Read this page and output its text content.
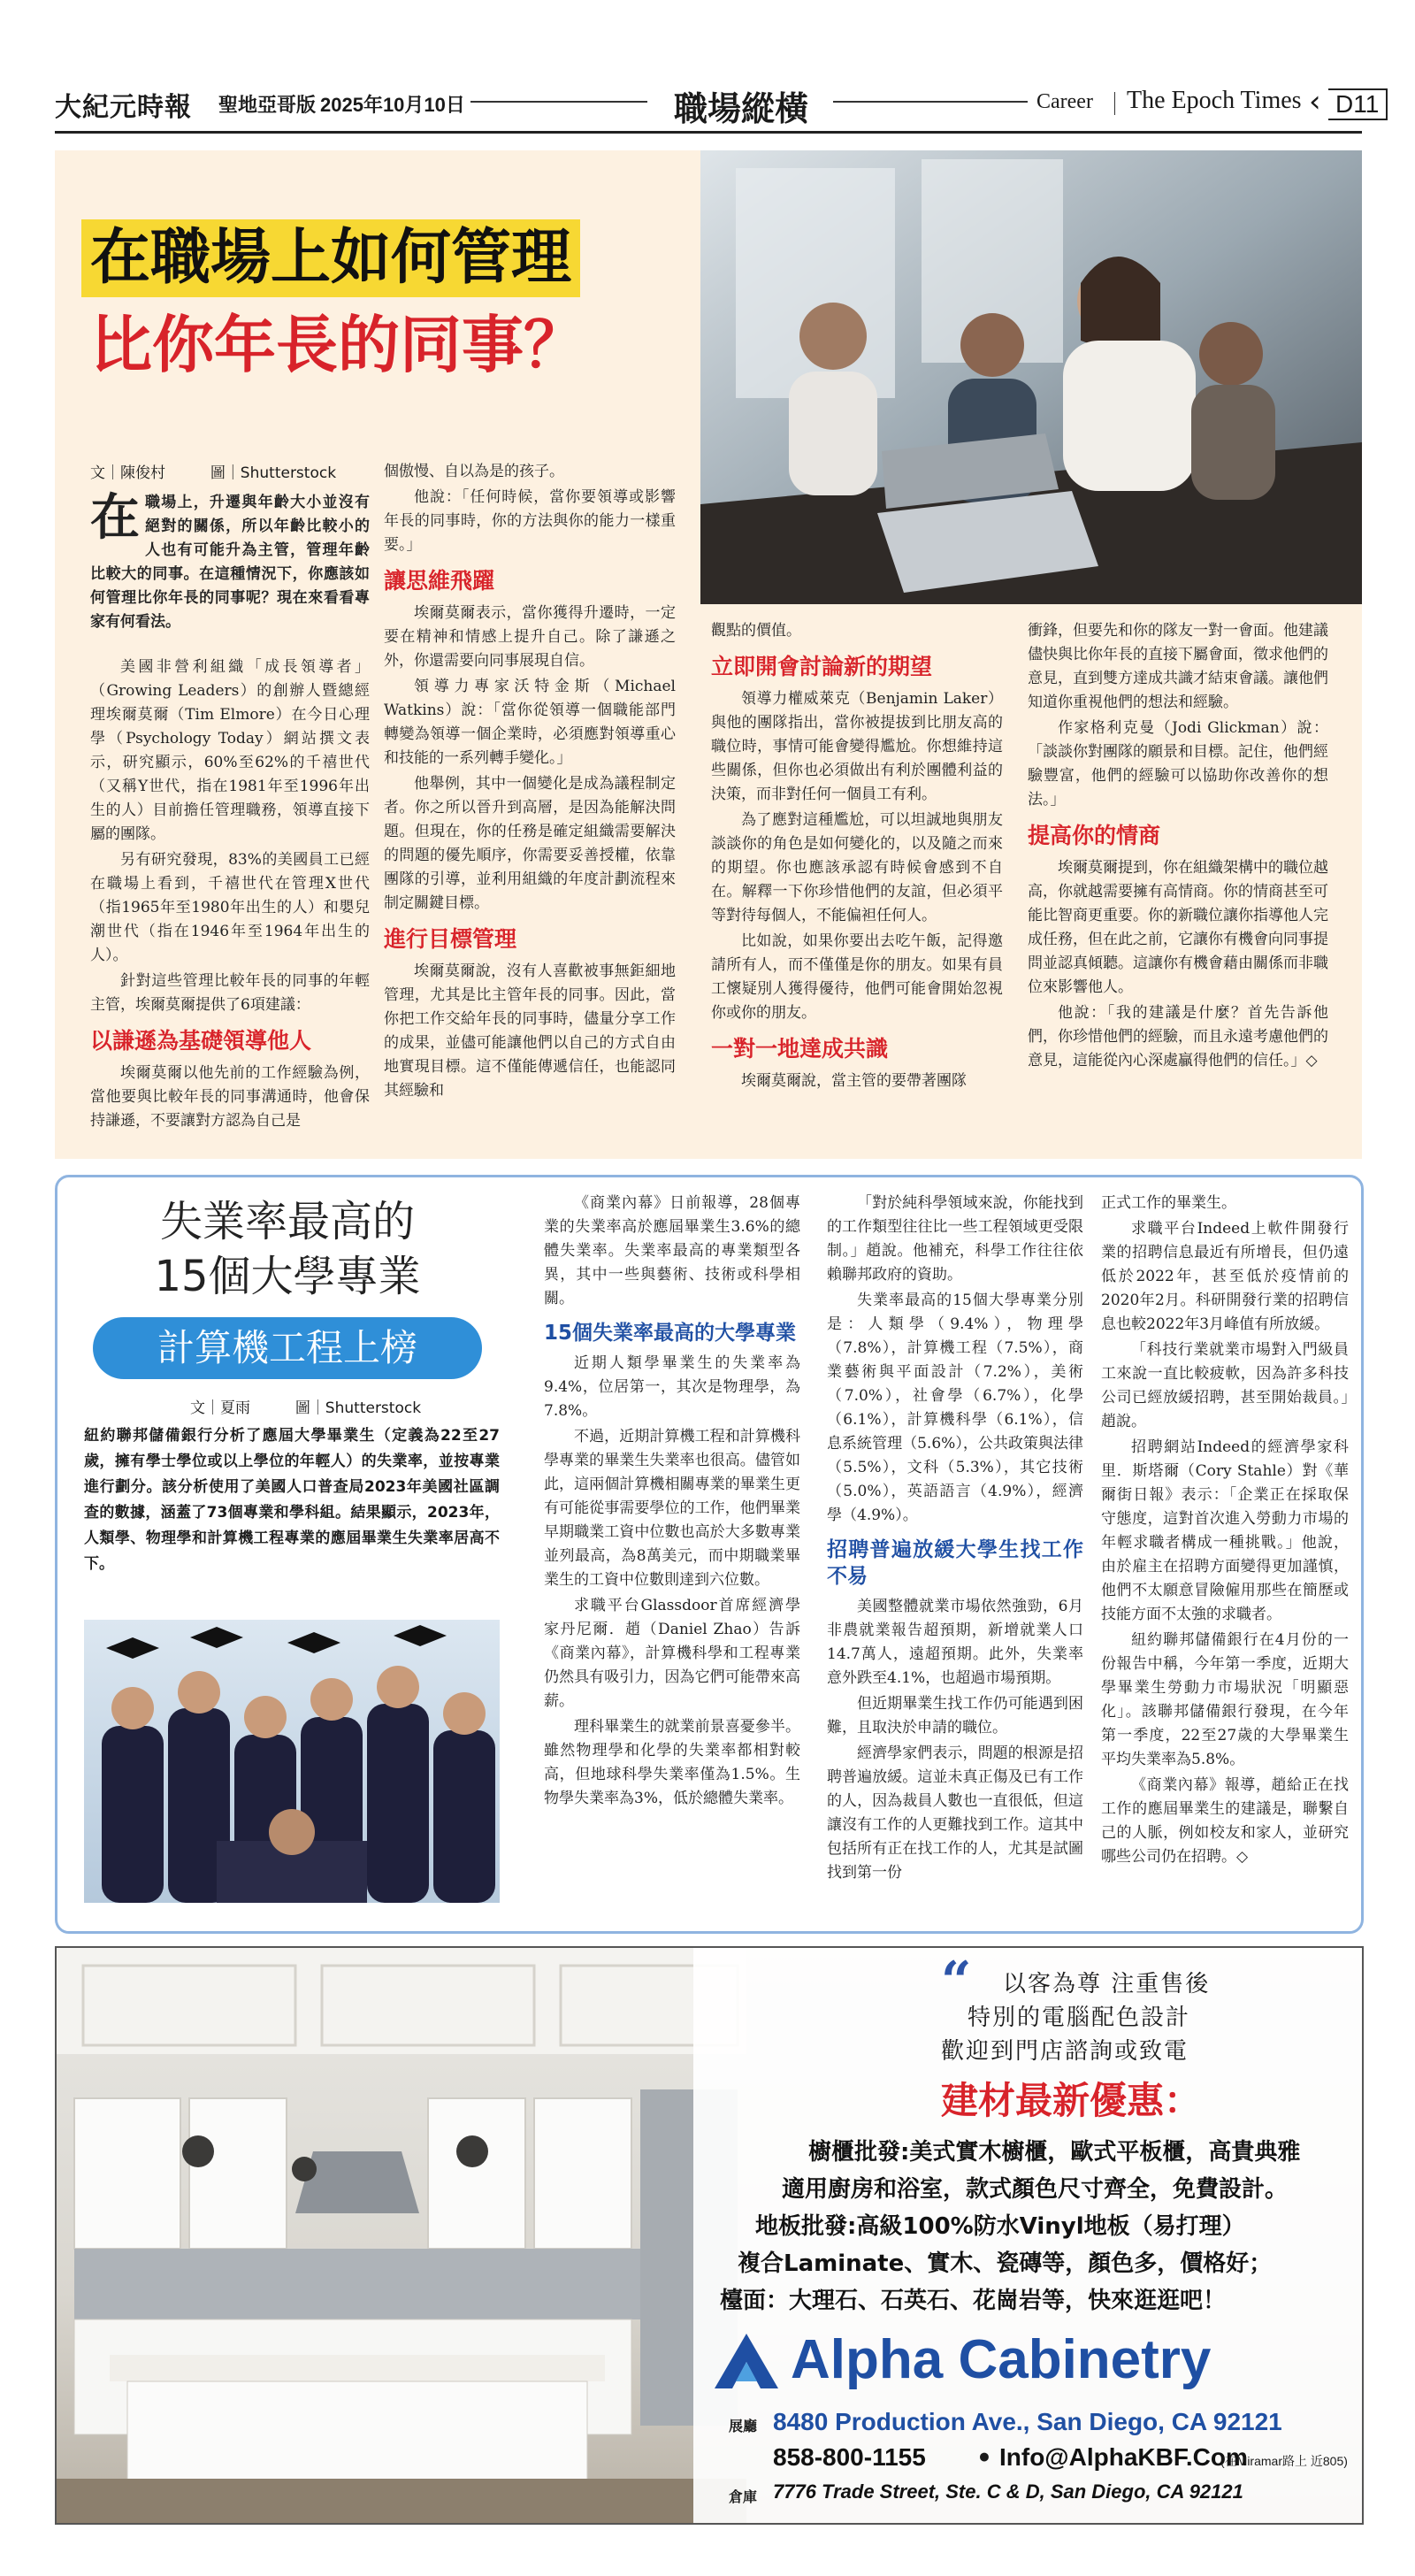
大紀元時報 聖地亞哥版 2025年10月10日	職場縱橫	Career The Epoch Times ‹ D11
在職場上如何管理
比你年長的同事？
文｜陳俊村	圖｜Shutterstock
在 職場上，升遷與年齡大小並沒有絕對的關係，所以年齡比較小的人也有可能升為主管，管理年齡比較大的同事。在這種情況下，你應該如何管理比你年長的同事呢？現在來看看專家有何看法。

美國非營利組織「成長領導者」（Growing Leaders）的創辦人暨總經理埃爾莫爾（Tim Elmore）在今日心理學（Psychology Today）網站撰文表示，研究顯示，60%至62%的千禧世代（又稱Y世代，指在1981年至1996年出生的人）目前擔任管理職務，領導直接下屬的團隊。

另有研究發現，83%的美國員工已經在職場上看到，千禧世代在管理X世代（指1965年至1980年出生的人）和嬰兒潮世代（指在1946年至1964年出生的人）。

針對這些管理比較年長的同事的年輕主管，埃爾莫爾提供了6項建議：

以謙遜為基礎領導他人

埃爾莫爾以他先前的工作經驗為例，當他要與比較年長的同事溝通時，他會保持謙遜，不要讓對方認為自己是

個傲慢、自以為是的孩子。

他說：「任何時候，當你要領導或影響年長的同事時，你的方法與你的能力一樣重要。」

讓思維飛躍

埃爾莫爾表示，當你獲得升遷時，一定要在精神和情感上提升自己。除了謙遜之外，你還需要向同事展現自信。

領導力專家沃特金斯（Michael Watkins）說：「當你從領導一個職能部門轉變為領導一個企業時，必須應對領導重心和技能的一系列轉手變化。」

他舉例，其中一個變化是成為議程制定者。你之所以晉升到高層，是因為能解決問題。但現在，你的任務是確定組織需要解決的問題的優先順序，你需要妥善授權，依靠團隊的引導，並利用組織的年度計劃流程來制定關鍵目標。

進行目標管理

埃爾莫爾說，沒有人喜歡被事無鉅細地管理，尤其是比主管年長的同事。因此，當你把工作交給年長的同事時，儘量分享工作的成果，並儘可能讓他們以自己的方式自由地實現目標。這不僅能傳遞信任，也能認同其經驗和

觀點的價值。

立即開會討論新的期望

領導力權威萊克（Benjamin Laker）與他的團隊指出，當你被提拔到比朋友高的職位時，事情可能會變得尷尬。你想維持這些關係，但你也必須做出有利於團體利益的決策，而非對任何一個員工有利。

為了應對這種尷尬，可以坦誠地與朋友談談你的角色是如何變化的，以及隨之而來的期望。你也應該承認有時候會感到不自在。解釋一下你珍惜他們的友誼，但必須平等對待每個人，不能偏袒任何人。

比如說，如果你要出去吃午飯，記得邀請所有人，而不僅僅是你的朋友。如果有員工懷疑別人獲得優待，他們可能會開始忽視你或你的朋友。

一對一地達成共識

埃爾莫爾說，當主管的要帶著團隊

衝鋒，但要先和你的隊友一對一會面。他建議儘快與比你年長的直接下屬會面，徵求他們的意見，直到雙方達成共識才結束會議。讓他們知道你重視他們的想法和經驗。

作家格利克曼（Jodi Glickman）說：「談談你對團隊的願景和目標。記住，他們經驗豐富，他們的經驗可以協助你改善你的想法。」

提高你的情商

埃爾莫爾提到，你在組織架構中的職位越高，你就越需要擁有高情商。你的情商甚至可能比智商更重要。你的新職位讓你指導他人完成任務，但在此之前，它讓你有機會向同事提問並認真傾聽。這讓你有機會藉由關係而非職位來影響他人。

他說：「我的建議是什麼？首先告訴他們，你珍惜他們的經驗，而且永遠考慮他們的意見，這能從內心深處贏得他們的信任。」◇

失業率最高的
15個大學專業
計算機工程上榜
文｜夏雨	圖｜Shutterstock
紐約聯邦儲備銀行分析了應屆大學畢業生（定義為22至27歲，擁有學士學位或以上學位的年輕人）的失業率，並按專業進行劃分。該分析使用了美國人口普查局2023年美國社區調查的數據，涵蓋了73個專業和學科組。結果顯示，2023年，人類學、物理學和計算機工程專業的應屆畢業生失業率居高不下。

《商業內幕》日前報導，28個專業的失業率高於應屆畢業生3.6%的總體失業率。失業率最高的專業類型各異，其中一些與藝術、技術或科學相關。

15個失業率最高的大學專業

近期人類學畢業生的失業率為9.4%，位居第一，其次是物理學，為7.8%。

不過，近期計算機工程和計算機科學專業的畢業生失業率也很高。儘管如此，這兩個計算機相關專業的畢業生更有可能從事需要學位的工作，他們畢業早期職業工資中位數也高於大多數專業並列最高，為8萬美元，而中期職業畢業生的工資中位數則達到六位數。

求職平台Glassdoor首席經濟學家丹尼爾．趙（Daniel Zhao）告訴《商業內幕》，計算機科學和工程專業仍然具有吸引力，因為它們可能帶來高薪。

理科畢業生的就業前景喜憂參半。雖然物理學和化學的失業率都相對較高，但地球科學失業率僅為1.5%。生物學失業率為3%，低於總體失業率。

「對於純科學領域來說，你能找到的工作類型往往比一些工程領域更受限制。」趙說。他補充，科學工作往往依賴聯邦政府的資助。

失業率最高的15個大學專業分別是：人類學（9.4%），物理學（7.8%），計算機工程（7.5%），商業藝術與平面設計（7.2%），美術（7.0%），社會學（6.7%），化學（6.1%），計算機科學（6.1%），信息系統管理（5.6%），公共政策與法律（5.5%），文科（5.3%），其它技術（5.0%），英語語言（4.9%），經濟學（4.9%）。

招聘普遍放緩大學生找工作不易

美國整體就業市場依然強勁，6月非農就業報告超預期，新增就業人口14.7萬人，遠超預期。此外，失業率意外跌至4.1%，也超過市場預期。

但近期畢業生找工作仍可能遇到困難，且取決於申請的職位。

經濟學家們表示，問題的根源是招聘普遍放緩。這並未真正傷及已有工作的人，因為裁員人數也一直很低，但這讓沒有工作的人更難找到工作。這其中包括所有正在找工作的人，尤其是試圖找到第一份

正式工作的畢業生。

求職平台Indeed上軟件開發行業的招聘信息最近有所增長，但仍遠低於2022年，甚至低於疫情前的2020年2月。科研開發行業的招聘信息也較2022年3月峰值有所放緩。

「科技行業就業市場對入門級員工來說一直比較疲軟，因為許多科技公司已經放緩招聘，甚至開始裁員。」趙說。

招聘網站Indeed的經濟學家科里．斯塔爾（Cory Stahle）對《華爾街日報》表示：「企業正在採取保守態度，這對首次進入勞動力市場的年輕求職者構成一種挑戰。」他說，由於雇主在招聘方面變得更加謹慎，他們不太願意冒險僱用那些在簡歷或技能方面不太強的求職者。

紐約聯邦儲備銀行在4月份的一份報告中稱，今年第一季度，近期大學畢業生勞動力市場狀況「明顯惡化」。該聯邦儲備銀行發現，在今年第一季度，22至27歲的大學畢業生平均失業率為5.8%。

《商業內幕》報導，趙給正在找工作的應屆畢業生的建議是，聯繫自己的人脈，例如校友和家人，並研究哪些公司仍在招聘。◇

“ 以客為尊 注重售後
特別的電腦配色設計
歡迎到門店諮詢或致電
建材最新優惠：
櫥櫃批發:美式實木櫥櫃，歐式平板櫃，高貴典雅
適用廚房和浴室，款式顏色尺寸齊全，免費設計。
地板批發:高級100%防水Vinyl地板（易打理）
複合Laminate、實木、瓷磚等，顏色多，價格好；
檯面：大理石、石英石、花崗岩等，快來逛逛吧！
Alpha Cabinetry
展廳 8480 Production Ave., San Diego, CA 92121
858-800-1155 • Info@AlphaKBF.Com
(在Miramar路上 近805)
倉庫 7776 Trade Street, Ste. C & D, San Diego, CA 92121
